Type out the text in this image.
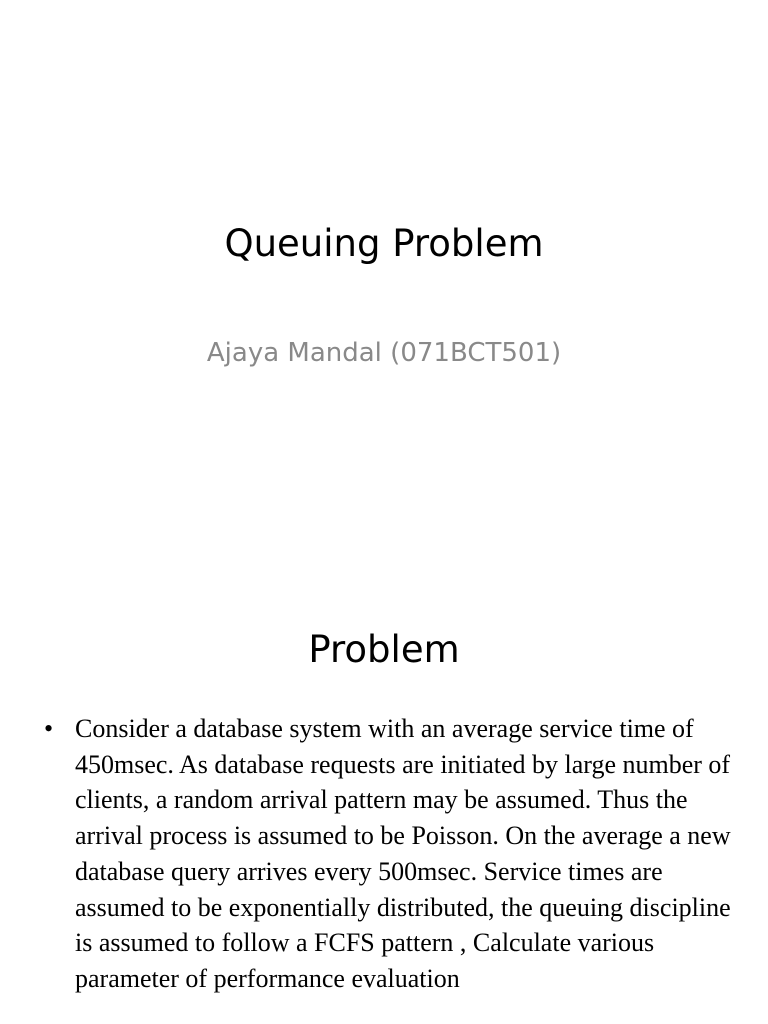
Queuing Problem
Ajaya Mandal (071BCT501)
Problem
• Consider a database system with an average service time of 450msec. As database requests are initiated by large number of clients, a random arrival pattern may be assumed. Thus the arrival process is assumed to be Poisson. On the average a new database query arrives every 500msec. Service times are assumed to be exponentially distributed, the queuing discipline is assumed to follow a FCFS pattern , Calculate various parameter of performance evaluation
